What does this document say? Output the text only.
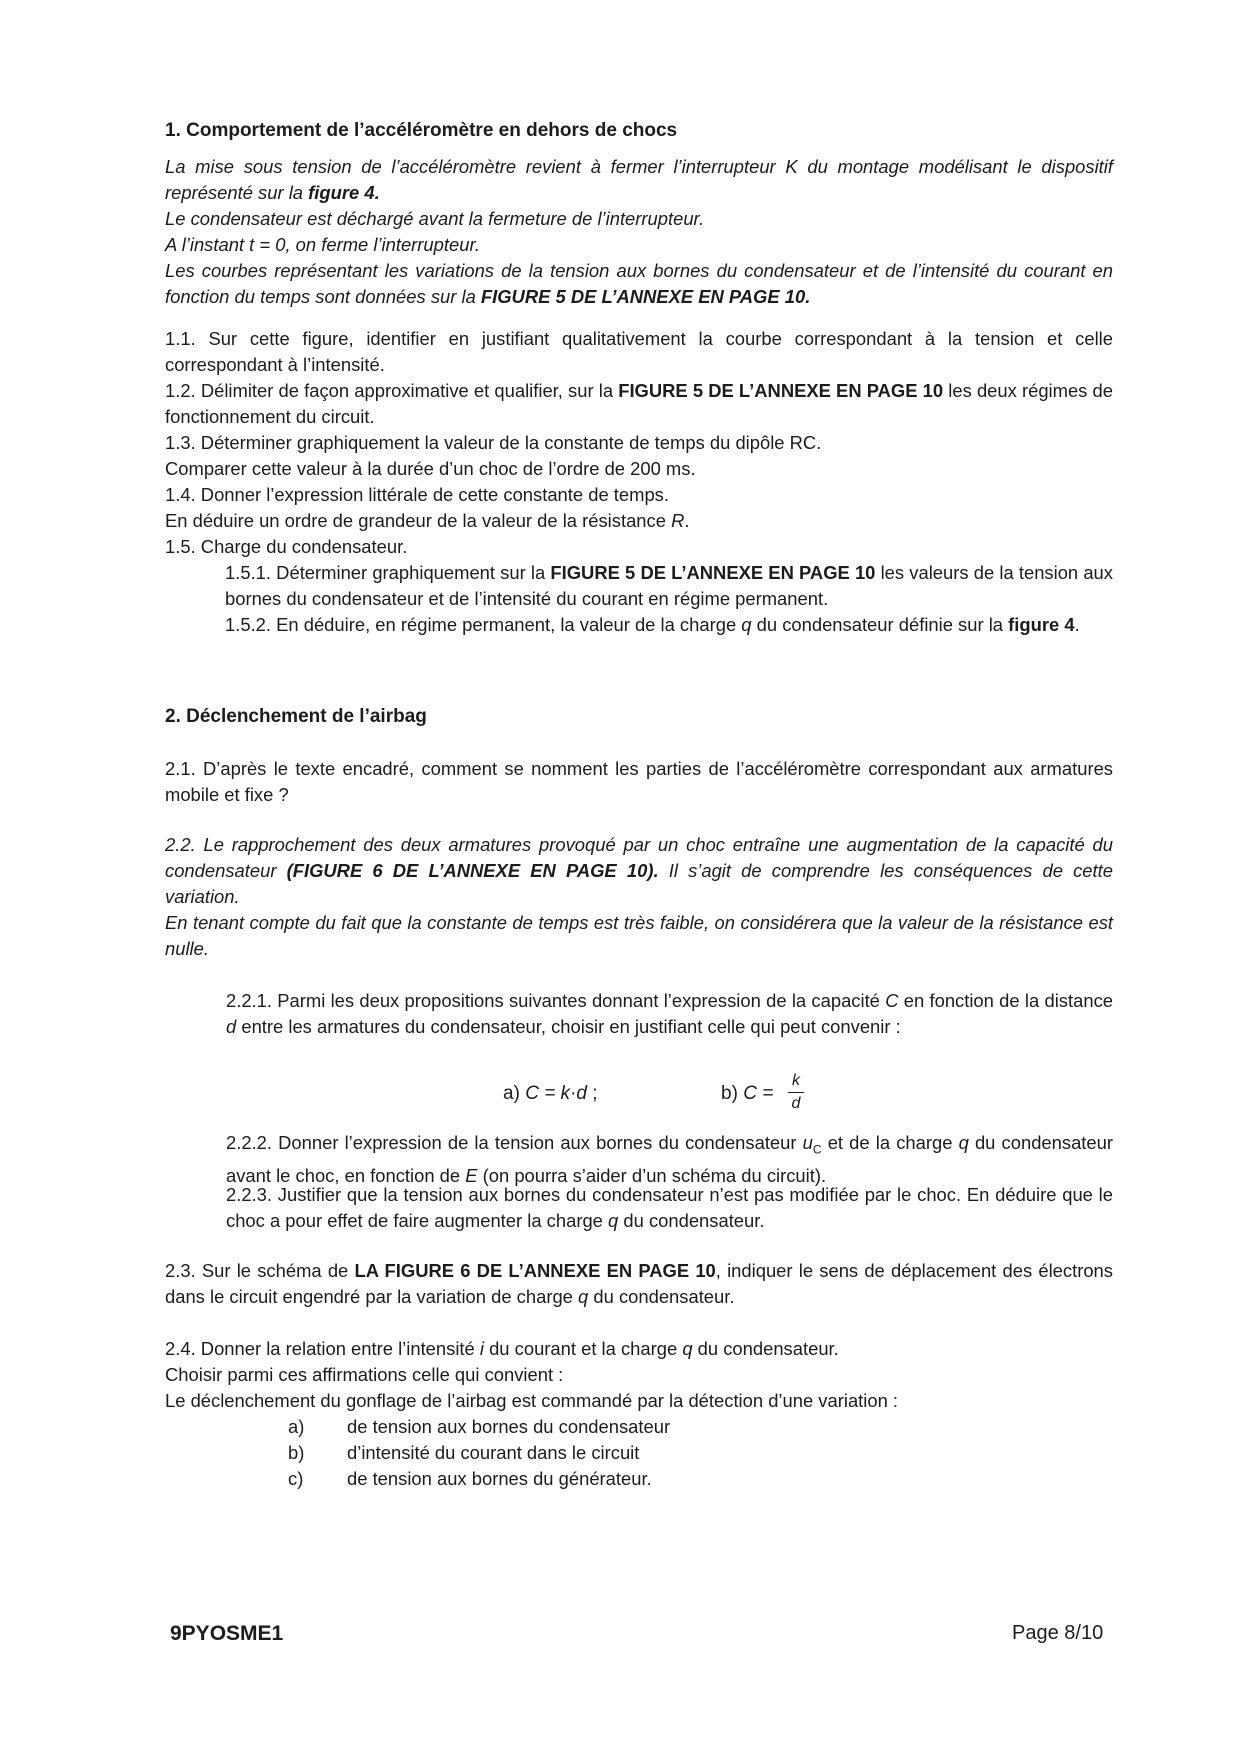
1. Comportement de l’accéléromètre en dehors de chocs

La mise sous tension de l’accéléromètre revient à fermer l’interrupteur K du montage modélisant le dispositif représenté sur la figure 4.

Le condensateur est déchargé avant la fermeture de l’interrupteur.

A l’instant t = 0, on ferme l’interrupteur.

Les courbes représentant les variations de la tension aux bornes du condensateur et de l’intensité du courant en fonction du temps sont données sur la FIGURE 5 DE L’ANNEXE EN PAGE 10.

1.1. Sur cette figure, identifier en justifiant qualitativement la courbe correspondant à la tension et celle correspondant à l’intensité.

1.2. Délimiter de façon approximative et qualifier, sur la FIGURE 5 DE L’ANNEXE EN PAGE 10 les deux régimes de fonctionnement du circuit.

1.3. Déterminer graphiquement la valeur de la constante de temps du dipôle RC.

Comparer cette valeur à la durée d’un choc de l’ordre de 200 ms.

1.4. Donner l’expression littérale de cette constante de temps.

En déduire un ordre de grandeur de la valeur de la résistance R.

1.5. Charge du condensateur.

1.5.1. Déterminer graphiquement sur la FIGURE 5 DE L’ANNEXE EN PAGE 10 les valeurs de la tension aux bornes du condensateur et de l’intensité du courant en régime permanent.

1.5.2. En déduire, en régime permanent, la valeur de la charge q du condensateur définie sur la figure 4.

2. Déclenchement de l’airbag

2.1. D’après le texte encadré, comment se nomment les parties de l’accéléromètre correspondant aux armatures mobile et fixe ?

2.2. Le rapprochement des deux armatures provoqué par un choc entraîne une augmentation de la capacité du condensateur (FIGURE 6 DE L’ANNEXE EN PAGE 10). Il s’agit de comprendre les conséquences de cette variation.

En tenant compte du fait que la constante de temps est très faible, on considérera que la valeur de la résistance est nulle.

2.2.1. Parmi les deux propositions suivantes donnant l’expression de la capacité C en fonction de la distance d entre les armatures du condensateur, choisir en justifiant celle qui peut convenir :

a) C = k·d ;	b) C =
k
d

2.2.2. Donner l’expression de la tension aux bornes du condensateur $u_C$ et de la charge q du condensateur avant le choc, en fonction de E (on pourra s’aider d’un schéma du circuit).

2.2.3. Justifier que la tension aux bornes du condensateur n’est pas modifiée par le choc. En déduire que le choc a pour effet de faire augmenter la charge q du condensateur.

2.3. Sur le schéma de LA FIGURE 6 DE L’ANNEXE EN PAGE 10, indiquer le sens de déplacement des électrons dans le circuit engendré par la variation de charge q du condensateur.

2.4. Donner la relation entre l’intensité i du courant et la charge q du condensateur.

Choisir parmi ces affirmations celle qui convient :

Le déclenchement du gonflage de l’airbag est commandé par la détection d’une variation :

a) de tension aux bornes du condensateur
b) d’intensité du courant dans le circuit
c) de tension aux bornes du générateur.
9PYOSME1	Page 8/10
